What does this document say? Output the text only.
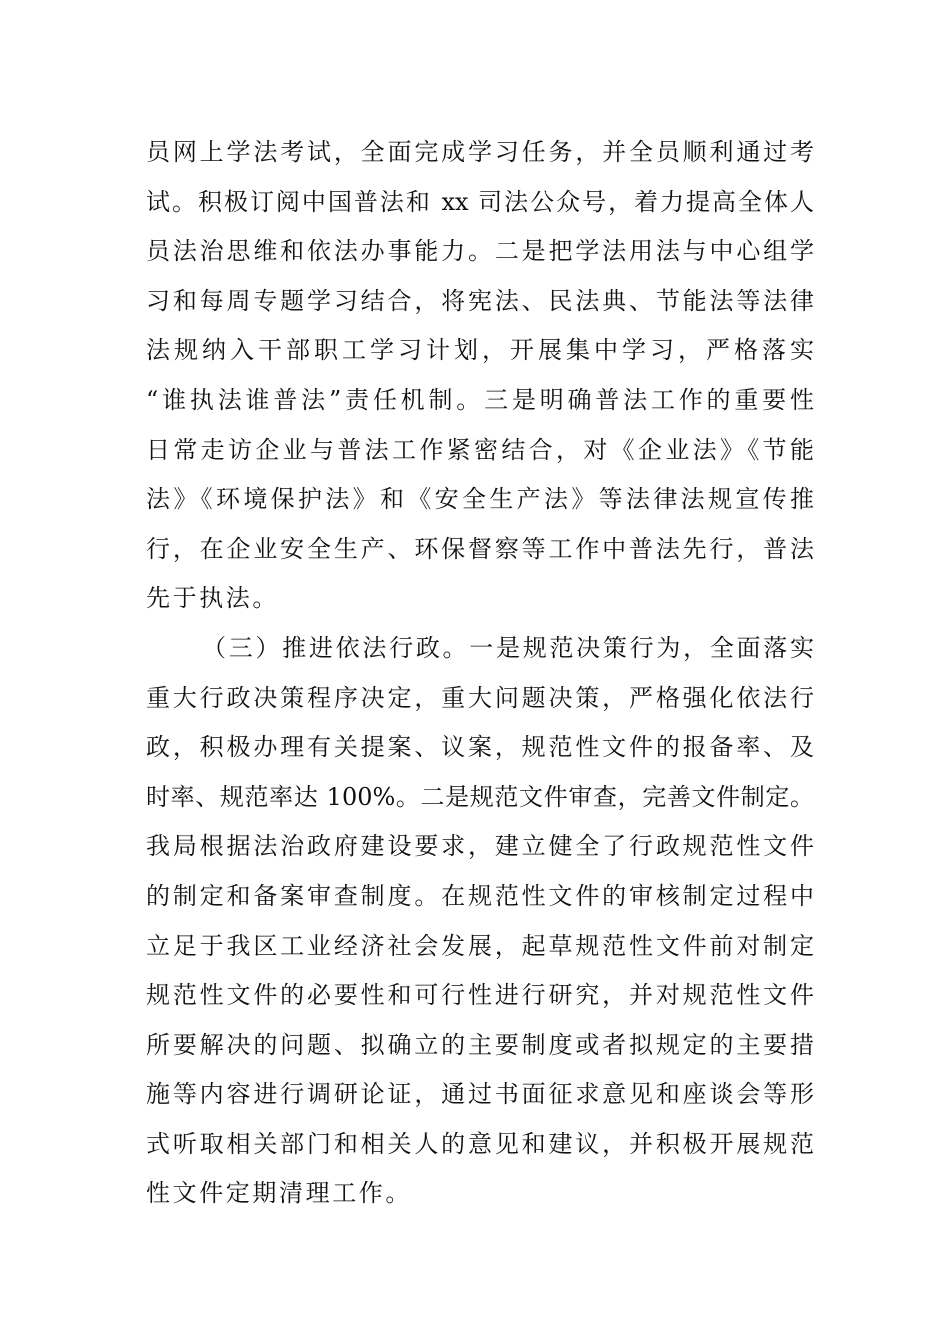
员网上学法考试，全面完成学习任务，并全员顺利通过考
试。积极订阅中国普法和 xx 司法公众号，着力提高全体人
员法治思维和依法办事能力。二是把学法用法与中心组学
习和每周专题学习结合，将宪法、民法典、节能法等法律
法规纳入干部职工学习计划，开展集中学习，严格落实
“谁执法谁普法”责任机制。三是明确普法工作的重要性
日常走访企业与普法工作紧密结合，对《企业法》《节能
法》《环境保护法》和《安全生产法》等法律法规宣传推
行，在企业安全生产、环保督察等工作中普法先行，普法
先于执法。
（三）推进依法行政。一是规范决策行为，全面落实
重大行政决策程序决定，重大问题决策，严格强化依法行
政，积极办理有关提案、议案，规范性文件的报备率、及
时率、规范率达 100%。二是规范文件审查，完善文件制定。
我局根据法治政府建设要求，建立健全了行政规范性文件
的制定和备案审查制度。在规范性文件的审核制定过程中
立足于我区工业经济社会发展，起草规范性文件前对制定
规范性文件的必要性和可行性进行研究，并对规范性文件
所要解决的问题、拟确立的主要制度或者拟规定的主要措
施等内容进行调研论证，通过书面征求意见和座谈会等形
式听取相关部门和相关人的意见和建议，并积极开展规范
性文件定期清理工作。
